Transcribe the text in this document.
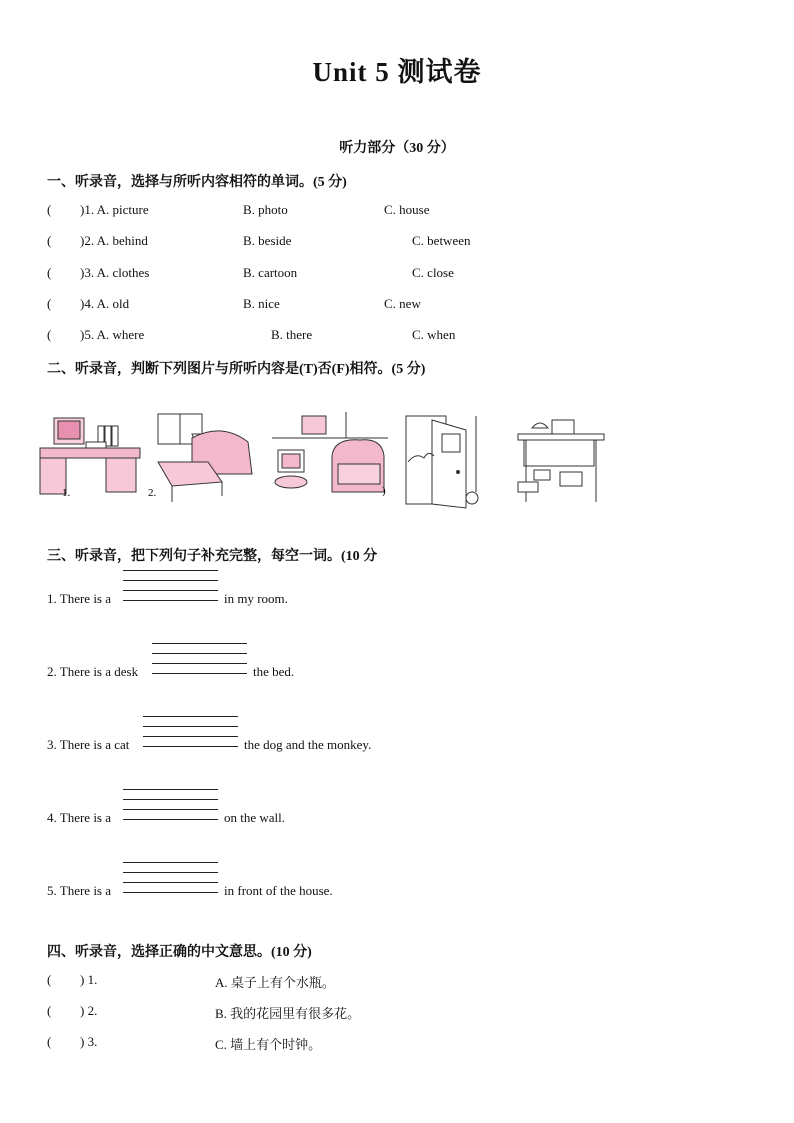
Unit 5 测试卷
听力部分（30 分）
一、听录音，选择与所听内容相符的单词。(5 分)
( )1. A. picture	B. photo	C. house
( )2. A. behind	B. beside	C. between
( )3. A. clothes	B. cartoon	C. close
( )4. A. old	B. nice	C. new
( )5. A. where	B. there	C. when
二、听录音，判断下列图片与所听内容是(T)否(F)相符。(5 分)
1.	2.	)
三、听录音，把下列句子补充完整，每空一词。(10 分
1. There is a	in my room.
2. There is a desk	the bed.
3. There is a cat	the dog and the monkey.
4. There is a	on the wall.
5. There is a	in front of the house.
四、听录音，选择正确的中文意思。(10 分)
( ) 1.	A. 桌子上有个水瓶。
( ) 2.	B. 我的花园里有很多花。
( ) 3.	C. 墙上有个时钟。
